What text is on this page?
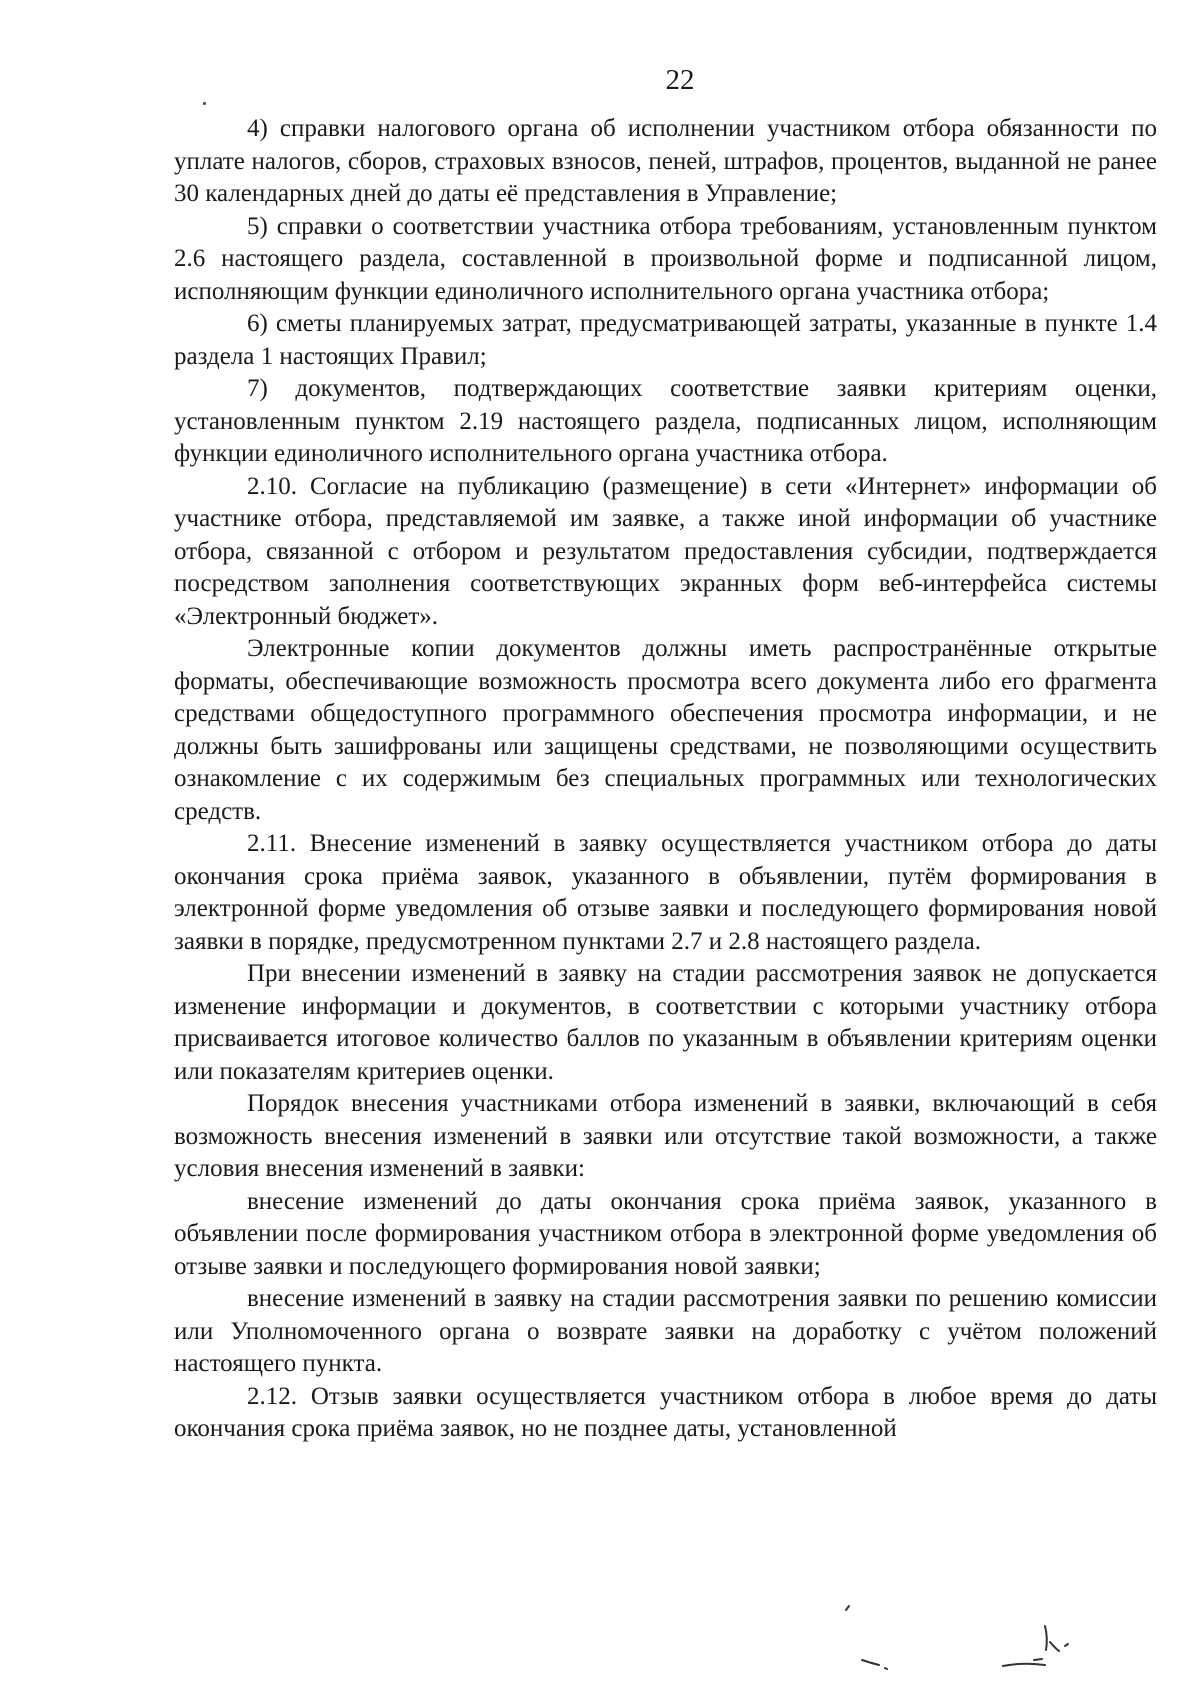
22

4) справки налогового органа об исполнении участником отбора обязанности по уплате налогов, сборов, страховых взносов, пеней, штрафов, процентов, выданной не ранее 30 календарных дней до даты её представления в Управление;

5) справки о соответствии участника отбора требованиям, установленным пунктом 2.6 настоящего раздела, составленной в произвольной форме и подписанной лицом, исполняющим функции единоличного исполнительного органа участника отбора;

6) сметы планируемых затрат, предусматривающей затраты, указанные в пункте 1.4 раздела 1 настоящих Правил;

7) документов, подтверждающих соответствие заявки критериям оценки, установленным пунктом 2.19 настоящего раздела, подписанных лицом, исполняющим функции единоличного исполнительного органа участника отбора.

2.10. Согласие на публикацию (размещение) в сети «Интернет» информации об участнике отбора, представляемой им заявке, а также иной информации об участнике отбора, связанной с отбором и результатом предоставления субсидии, подтверждается посредством заполнения соответствующих экранных форм веб-интерфейса системы «Электронный бюджет».

Электронные копии документов должны иметь распространённые открытые форматы, обеспечивающие возможность просмотра всего документа либо его фрагмента средствами общедоступного программного обеспечения просмотра информации, и не должны быть зашифрованы или защищены средствами, не позволяющими осуществить ознакомление с их содержимым без специальных программных или технологических средств.

2.11. Внесение изменений в заявку осуществляется участником отбора до даты окончания срока приёма заявок, указанного в объявлении, путём формирования в электронной форме уведомления об отзыве заявки и последующего формирования новой заявки в порядке, предусмотренном пунктами 2.7 и 2.8 настоящего раздела.

При внесении изменений в заявку на стадии рассмотрения заявок не допускается изменение информации и документов, в соответствии с которыми участнику отбора присваивается итоговое количество баллов по указанным в объявлении критериям оценки или показателям критериев оценки.

Порядок внесения участниками отбора изменений в заявки, включающий в себя возможность внесения изменений в заявки или отсутствие такой возможности, а также условия внесения изменений в заявки:

внесение изменений до даты окончания срока приёма заявок, указанного в объявлении после формирования участником отбора в электронной форме уведомления об отзыве заявки и последующего формирования новой заявки;

внесение изменений в заявку на стадии рассмотрения заявки по решению комиссии или Уполномоченного органа о возврате заявки на доработку с учётом положений настоящего пункта.

2.12. Отзыв заявки осуществляется участником отбора в любое время до даты окончания срока приёма заявок, но не позднее даты, установленной
